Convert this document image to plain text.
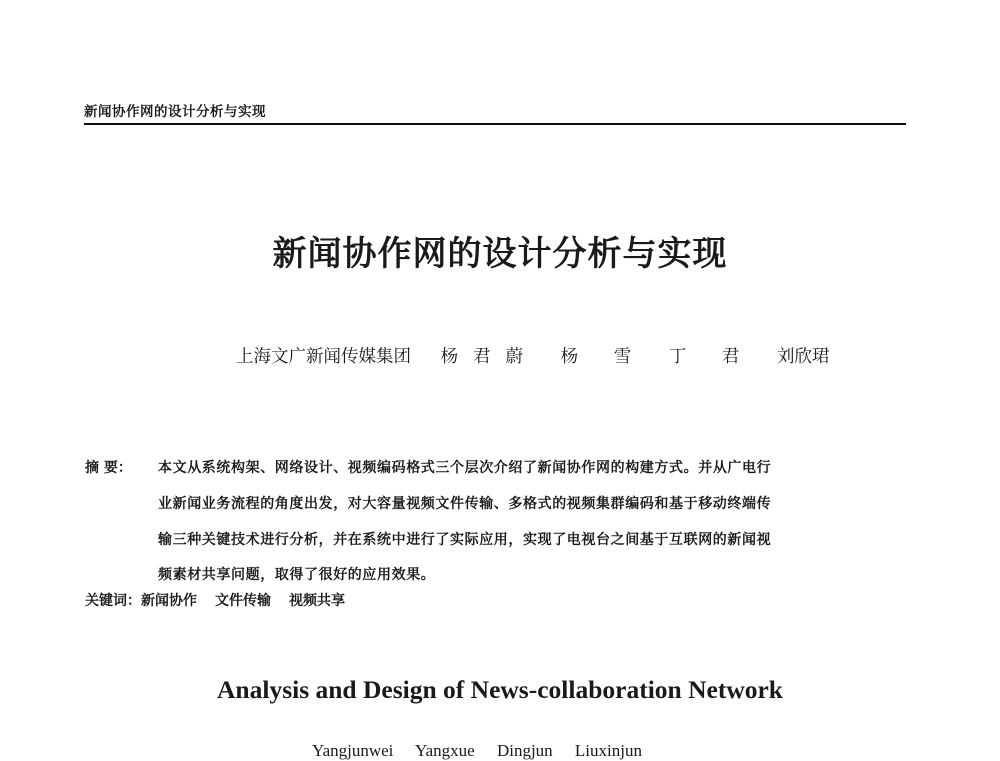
新闻协作网的设计分析与实现
新闻协作网的设计分析与实现
上海文广新闻传媒集团 杨君蔚 杨 雪 丁 君 刘欣珺
摘 要： 本文从系统构架、网络设计、视频编码格式三个层次介绍了新闻协作网的构建方式。并从广电行
业新闻业务流程的角度出发，对大容量视频文件传输、多格式的视频集群编码和基于移动终端传
输三种关键技术进行分析，并在系统中进行了实际应用，实现了电视台之间基于互联网的新闻视
频素材共享问题，取得了很好的应用效果。
关键词：新闻协作 文件传输 视频共享
Analysis and Design of News-collaboration Network
Yangjunwei Yangxue Dingjun Liuxinjun
